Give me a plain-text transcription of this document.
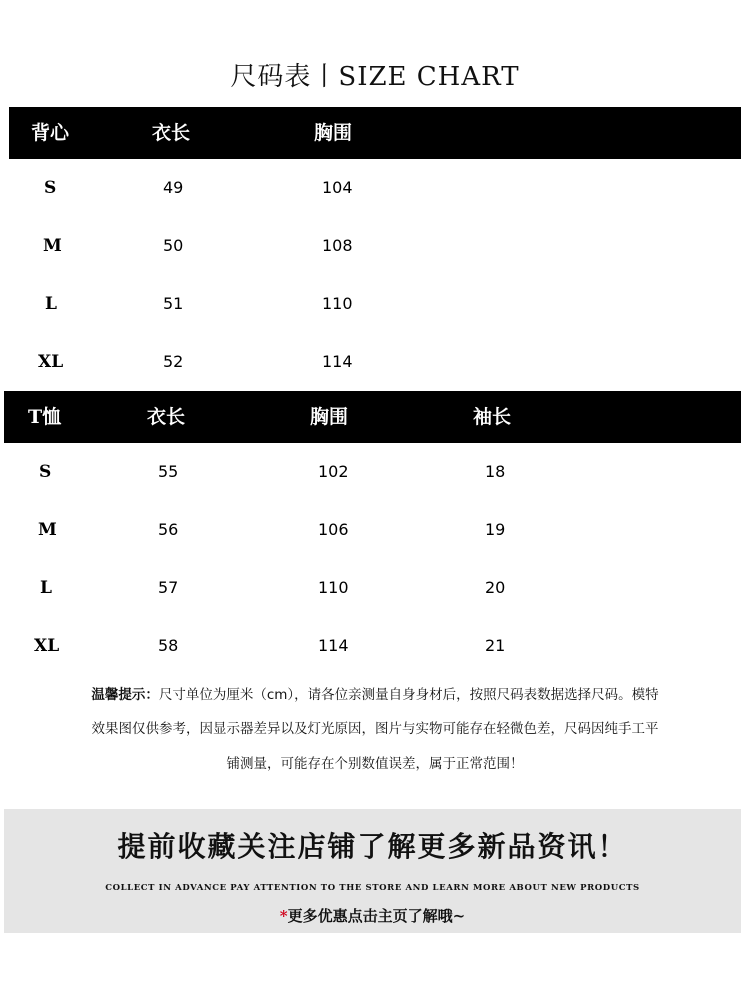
尺码表丨SIZE CHART
背心	衣长	胸围
S	49	104
M	50	108
L	51	110
XL	52	114
T恤	衣长	胸围	袖长
S	55	102	18
M	56	106	19
L	57	110	20
XL	58	114	21
温馨提示：尺寸单位为厘米（cm），请各位亲测量自身身材后，按照尺码表数据选择尺码。模特
效果图仅供参考，因显示器差异以及灯光原因，图片与实物可能存在轻微色差，尺码因纯手工平
铺测量，可能存在个别数值误差，属于正常范围！
提前收藏关注店铺了解更多新品资讯！
COLLECT IN ADVANCE PAY ATTENTION TO THE STORE AND LEARN MORE ABOUT NEW PRODUCTS
*更多优惠点击主页了解哦~
